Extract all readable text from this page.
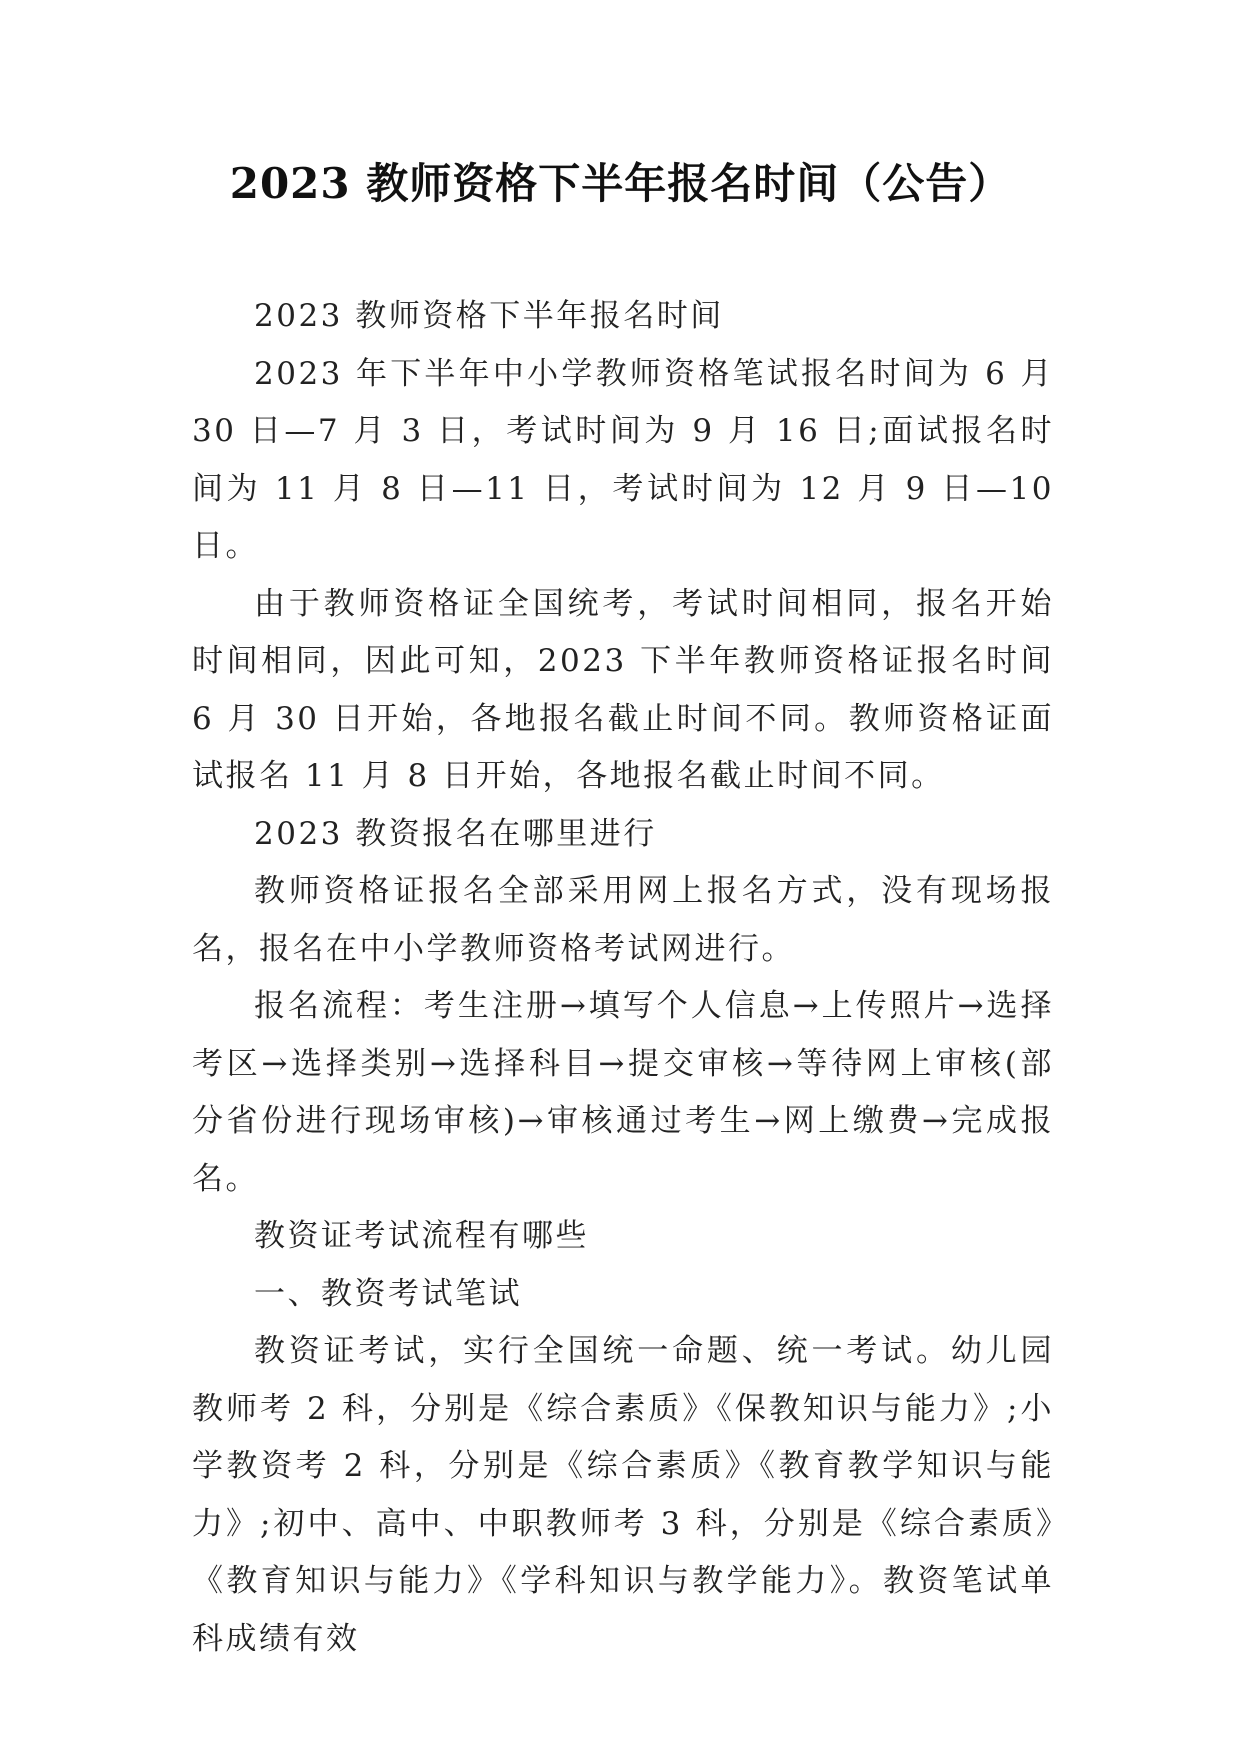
2023 教师资格下半年报名时间（公告）

2023 教师资格下半年报名时间

2023 年下半年中小学教师资格笔试报名时间为 6 月 30 日—7 月 3 日，考试时间为 9 月 16 日;面试报名时间为 11 月 8 日—11 日，考试时间为 12 月 9 日—10 日。

由于教师资格证全国统考，考试时间相同，报名开始时间相同，因此可知，2023 下半年教师资格证报名时间 6 月 30 日开始，各地报名截止时间不同。教师资格证面试报名 11 月 8 日开始，各地报名截止时间不同。

2023 教资报名在哪里进行

教师资格证报名全部采用网上报名方式，没有现场报名，报名在中小学教师资格考试网进行。

报名流程：考生注册→填写个人信息→上传照片→选择考区→选择类别→选择科目→提交审核→等待网上审核(部分省份进行现场审核)→审核通过考生→网上缴费→完成报名。

教资证考试流程有哪些

一、教资考试笔试

教资证考试，实行全国统一命题、统一考试。幼儿园教师考 2 科，分别是《综合素质》《保教知识与能力》;小学教资考 2 科，分别是《综合素质》《教育教学知识与能力》;初中、高中、中职教师考 3 科，分别是《综合素质》《教育知识与能力》《学科知识与教学能力》。教资笔试单科成绩有效
